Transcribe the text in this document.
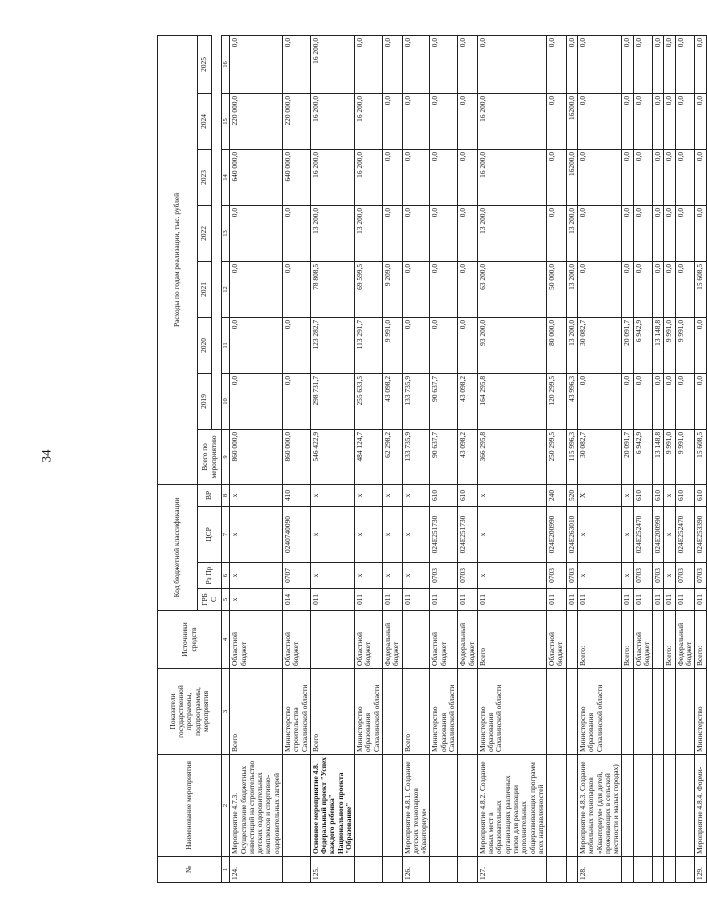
34
№	Наименование мероприятия	Показатели государственной программы, подпрограммы, мероприятия	Источники средств	Код бюджетной классификации				Расходы по годам реализации, тыс. рублей							
				ГРБС	Рз Пр	ЦСР	ВР	Всего по мероприятию	2019	2020	2021	2022	2023	2024	2025

1	2	3	4	5	6	7	8	9	10	11	12	13	14	15	16
124.	Мероприятие 4.7.3. Осуществление бюджетных инвестиций на строительство детских оздоровительных комплексов и спортивно-оздоровительных лагерей	Всего	Областной бюджет	х	х	х	х	860 000,0	0,0	0,0	0,0	0,0	640 000,0	220 000,0	0,0
		Министерство строительства Сахалинской области	Областной бюджет	014	0707	0240740090	410	860 000,0	0,0	0,0	0,0	0,0	640 000,0	220 000,0	0,0
125.	Основное мероприятие 4.8. Федеральный проект "Успех каждого ребенка" Национального проекта "Образование"	Всего		011	х	х	х	546 422,9	298 731,7	123 282,7	78 808,5	13 200,0	16 200,0	16 200,0	16 200,0
		Министерство образования Сахалинской области	Областной бюджет	011	х	х	х	484 124,7	255 633,5	113 291,7	69 599,5	13 200,0	16 200,0	16 200,0	0,0
			Федеральный бюджет	011	х	х	х	62 298,2	43 098,2	9 991,0	9 209,0	0,0	0,0	0,0	0,0
126.	Мероприятие 4.8.1. Создание детских технопарков «Кванториум»	Всего		011	х	х	х	133 735,9	133 735,9	0,0	0,0	0,0	0,0	0,0	0,0
		Министерство образования Сахалинской области	Областной бюджет	011	0703	024Е251730	610	90 637,7	90 637,7	0,0	0,0	0,0	0,0	0,0	0,0
			Федеральный бюджет	011	0703	024Е251730	610	43 098,2	43 098,2	0,0	0,0	0,0	0,0	0,0	0,0
127.	Мероприятие 4.8.2. Создание новых мест в образовательных организациях различных типов для реализации дополнительных общеразвивающих программ всех направленностей	Министерство образования Сахалинской области	Всего	011	х	х	х	366 295,8	164 295,8	93 200,0	63 200,0	13 200,0	16 200,0	16 200,0	0,0
			Областной бюджет	011	0703	024Е200990	240	250 299,5	120 299,5	80 000,0	50 000,0	0,0	0,0	0,0	0,0
				011	0703	024Е263010	520	115 996,3	43 996,3	13 200,0	13 200,0	13 200,0	16200,0	16200,0	0,0
128.	Мероприятие 4.8.3. Создание мобильных технопарков «Кванториум» (для детей, проживающих в сельской местности и малых городах)	Министерство образования Сахалинской области	Всего:	011	х	х	Х	30 082,7	0,0	30 082,7	0,0	0,0	0,0	0,0	0,0
			Всего:	011	х	х	х	20 091,7	0,0	20 091,7	0,0	0,0	0,0	0,0	0,0
			Областной бюджет	011	0703	024Е252470	610	6 942,9	0,0	6 942,9	0,0	0,0	0,0	0,0	0,0
				011	0703	024Е200990	610	13 148,8	0,0	13 148,8	0,0	0,0	0,0	0,0	0,0
			Всего:	011	х	х	х	9 991,0	0,0	9 991,0	0,0	0,0	0,0	0,0	0,0
			Федеральный бюджет	011	0703	024Е252470	610	9 991,0	0,0	9 991,0	0,0	0,0	0,0	0,0	0,0
129.	Мероприятие 4.8.4. Форми-	Министерство	Всего:	011	0703	024Е253390	610	15 608,5	0,0	0,0	15 608,5	0,0	0,0	0,0	0,0
